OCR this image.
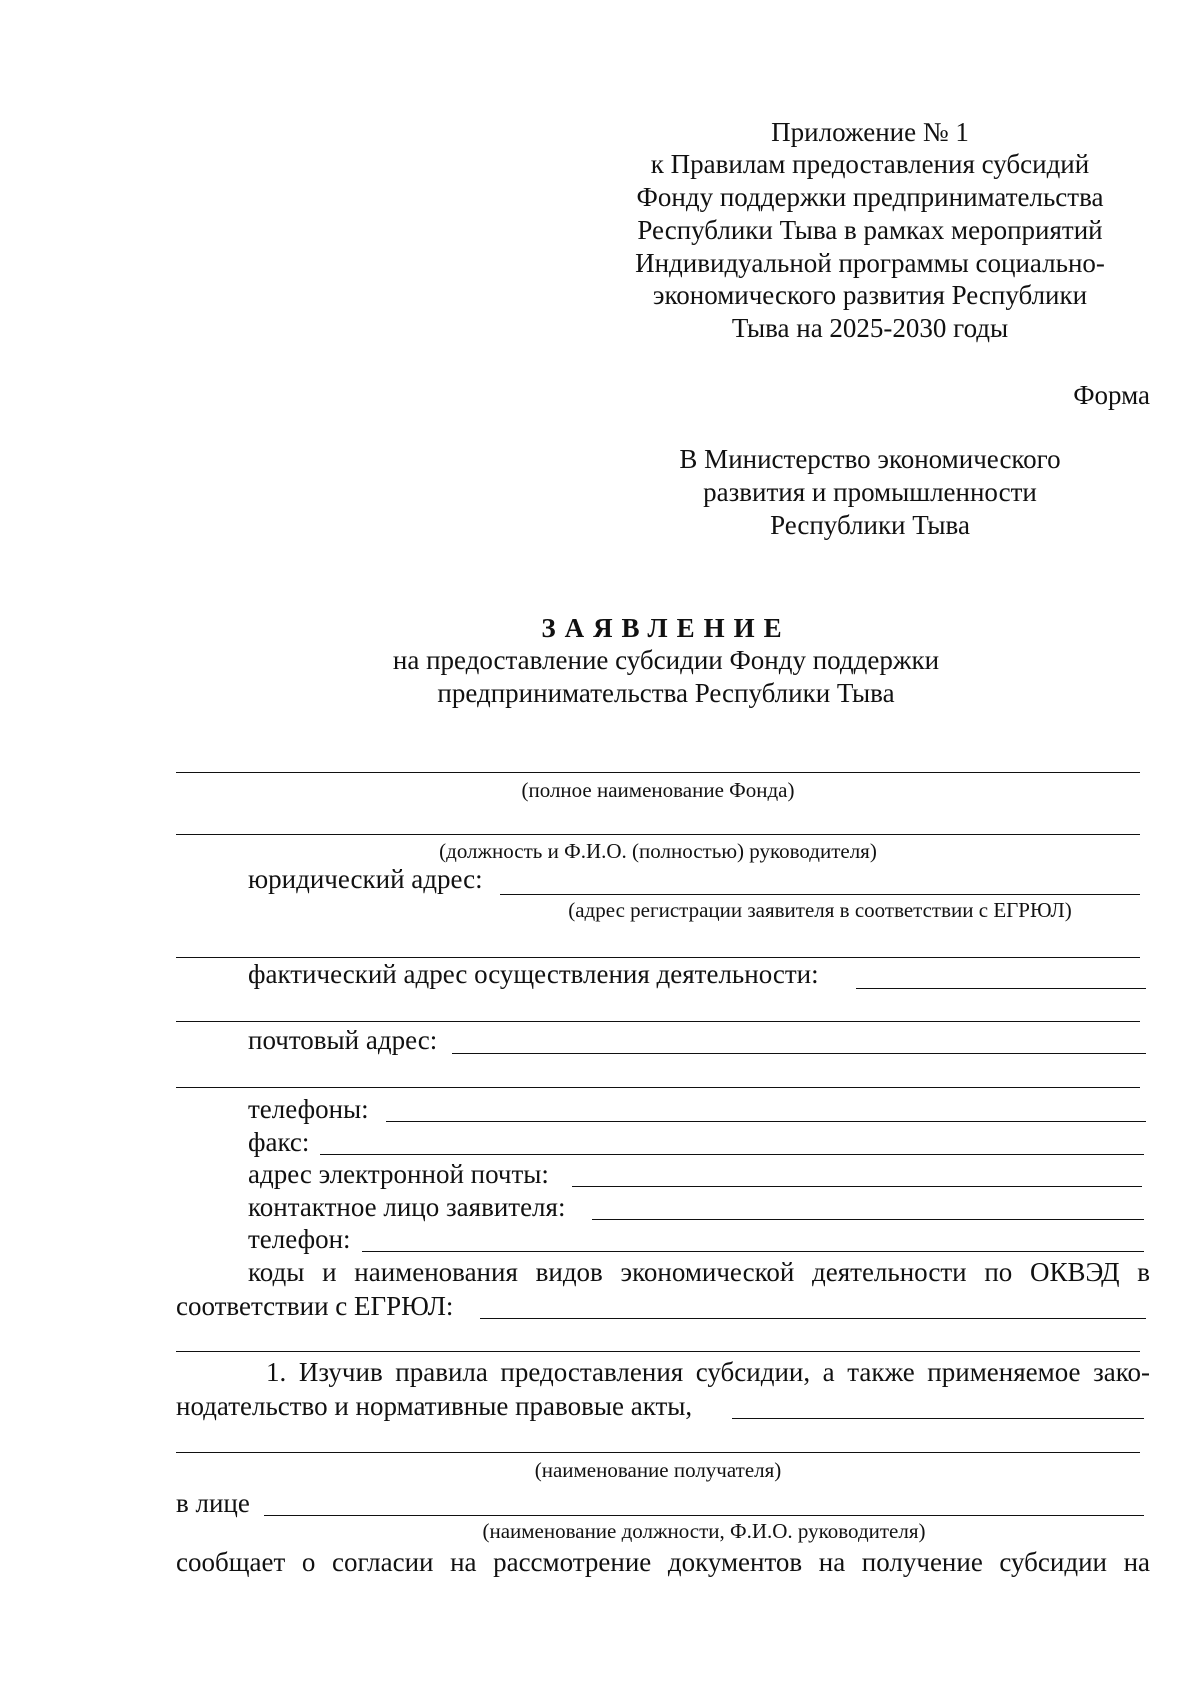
Приложение № 1
к Правилам предоставления субсидий
Фонду поддержки предпринимательства
Республики Тыва в рамках мероприятий
Индивидуальной программы социально-
экономического развития Республики
Тыва на 2025-2030 годы
Форма
В Министерство экономического
развития и промышленности
Республики Тыва
ЗАЯВЛЕНИЕ
на предоставление субсидии Фонду поддержки
предпринимательства Республики Тыва
(полное наименование Фонда)
(должность и Ф.И.О. (полностью) руководителя)
юридический адрес:
(адрес регистрации заявителя в соответствии с ЕГРЮЛ)
фактический адрес осуществления деятельности:
почтовый адрес:
телефоны:
факс:
адрес электронной почты:
контактное лицо заявителя:
телефон:
коды и наименования видов экономической деятельности по ОКВЭД в
соответствии с ЕГРЮЛ:
1. Изучив правила предоставления субсидии, а также применяемое зако-
нодательство и нормативные правовые акты,
(наименование получателя)
в лице
(наименование должности, Ф.И.О. руководителя)
сообщает о согласии на рассмотрение документов на получение субсидии на
